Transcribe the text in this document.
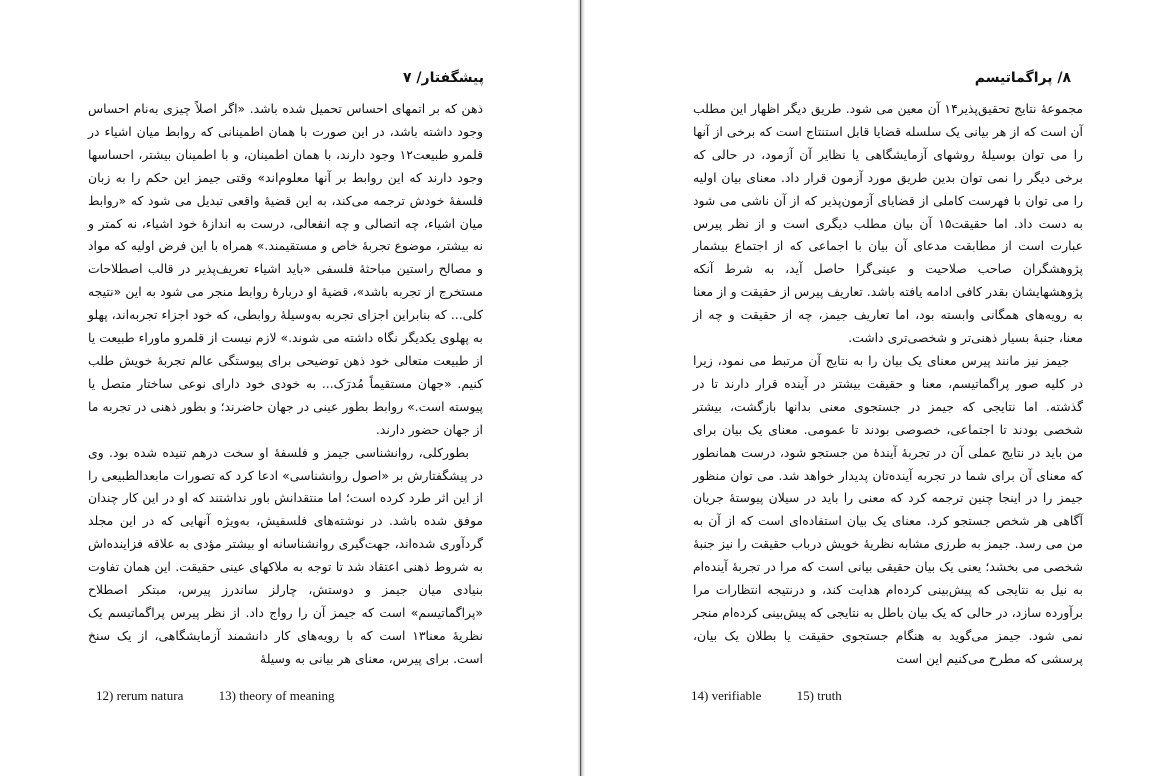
پیشگفتار/ ۷

ذهن که بر اتمهای احساس تحمیل شده باشد. «اگر اصلاً چیزی به‌نام احساس وجود داشته باشد، در این صورت با همان اطمینانی که روابط میان اشیاء در قلمرو طبیعت۱۲ وجود دارند، با همان اطمینان، و با اطمینان بیشتر، احساسها وجود دارند که این روابط بر آنها معلوم‌اند» وقتی جیمز این حکم را به زبان فلسفهٔ خودش ترجمه می‌کند، به این قضیهٔ واقعی تبدیل می شود که «روابط میان اشیاء، چه اتصالی و چه انفعالی، درست به اندازهٔ خود اشیاء، نه کمتر و نه بیشتر، موضوع تجربهٔ خاص و مستقیمند.» همراه با این فرض اولیه که مواد و مصالح راستین مباحثهٔ فلسفی «باید اشیاء تعریف‌پذیر در قالب اصطلاحات مستخرج از تجربه باشد»، قضیهٔ او دربارهٔ روابط منجر می شود به این «نتیجه کلی... که بنابراین اجزای تجربه به‌وسیلهٔ روابطی، که خود اجزاء تجربه‌اند، پهلو به پهلوی یکدیگر نگاه داشته می شوند.» لازم نیست از قلمرو ماوراء طبیعت یا از طبیعت متعالی خود ذهن توضیحی برای پیوستگی عالم تجربهٔ خویش طلب کنیم. «جهان مستقیماً مُدرَک... به خودی خود دارای نوعی ساختار متصل یا پیوسته است.» روابط بطور عینی در جهان حاضرند؛ و بطور ذهنی در تجربه ما از جهان حضور دارند.

بطورکلی، روانشناسی جیمز و فلسفهٔ او سخت درهم تنیده شده بود. وی در پیشگفتارش بر «اصول روانشناسی» ادعا کرد که تصورات مابعدالطبیعی را از این اثر طرد کرده است؛ اما منتقدانش باور نداشتند که او در این کار چندان موفق شده باشد. در نوشته‌های فلسفیش، به‌ویژه آنهایی که در این مجلد گردآوری شده‌اند، جهت‌گیری روانشناسانه او بیشتر مؤدی به علاقه فزاینده‌اش به شروط ذهنی اعتقاد شد تا توجه به ملاکهای عینی حقیقت. این همان تفاوت بنیادی میان جیمز و دوستش، چارلز ساندرز پیرس، مبتکر اصطلاح «پراگماتیسم» است که جیمز آن را رواج داد. از نظر پیرس پراگماتیسم یک نظریهٔ معنا۱۳ است که با رویه‌های کار دانشمند آزمایشگاهی، از یک سنخ است. برای پیرس، معنای هر بیانی به وسیلهٔ

12) rerum natura	13) theory of meaning
۸/ پراگماتیسم

مجموعهٔ نتایج تحقیق‌پذیر۱۴ آن معین می شود. طریق دیگر اظهار این مطلب آن است که از هر بیانی یک سلسله قضایا قابل استنتاج است که برخی از آنها را می توان بوسیلهٔ روشهای آزمایشگاهی یا نظایر آن آزمود، در حالی که برخی دیگر را نمی توان بدین طریق مورد آزمون قرار داد. معنای بیان اولیه را می توان با فهرست کاملی از قضایای آزمون‌پذیر که از آن ناشی می شود به دست داد. اما حقیقت۱۵ آن بیان مطلب دیگری است و از نظر پیرس عبارت است از مطابقت مدعای آن بیان با اجماعی که از اجتماع بیشمار پژوهشگران صاحب صلاحیت و عینی‌گرا حاصل آید، به شرط آنکه پژوهشهایشان بقدر کافی ادامه یافته باشد. تعاریف پیرس از حقیقت و از معنا به رویه‌های همگانی وابسته بود، اما تعاریف جیمز، چه از حقیقت و چه از معنا، جنبهٔ بسیار ذهنی‌تر و شخصی‌تری داشت.

جیمز نیز مانند پیرس معنای یک بیان را به نتایج آن مرتبط می نمود، زیرا در کلیه صور پراگماتیسم، معنا و حقیقت بیشتر در آینده قرار دارند تا در گذشته. اما نتایجی که جیمز در جستجوی معنی بدانها بازگشت، بیشتر شخصی بودند تا اجتماعی، خصوصی بودند تا عمومی. معنای یک بیان برای من باید در نتایج عملی آن در تجربهٔ آیندهٔ من جستجو شود، درست همانطور که معنای آن برای شما در تجربه آینده‌تان پدیدار خواهد شد. می توان منظور جیمز را در اینجا چنین ترجمه کرد که معنی را باید در سیلان پیوستهٔ جریان آگاهی هر شخص جستجو کرد. معنای یک بیان استفاده‌ای است که از آن به من می رسد. جیمز به طرزی مشابه نظریهٔ خویش درباب حقیقت را نیز جنبهٔ شخصی می بخشد؛ یعنی یک بیان حقیقی بیانی است که مرا در تجربهٔ آینده‌ام به نیل به نتایجی که پیش‌بینی کرده‌ام هدایت کند، و درنتیجه انتظارات مرا برآورده سازد، در حالی که یک بیان باطل به نتایجی که پیش‌بینی کرده‌ام منجر نمی شود. جیمز می‌گوید به هنگام جستجوی حقیقت یا بطلان یک بیان، پرسشی که مطرح می‌کنیم این است

14) verifiable	15) truth
